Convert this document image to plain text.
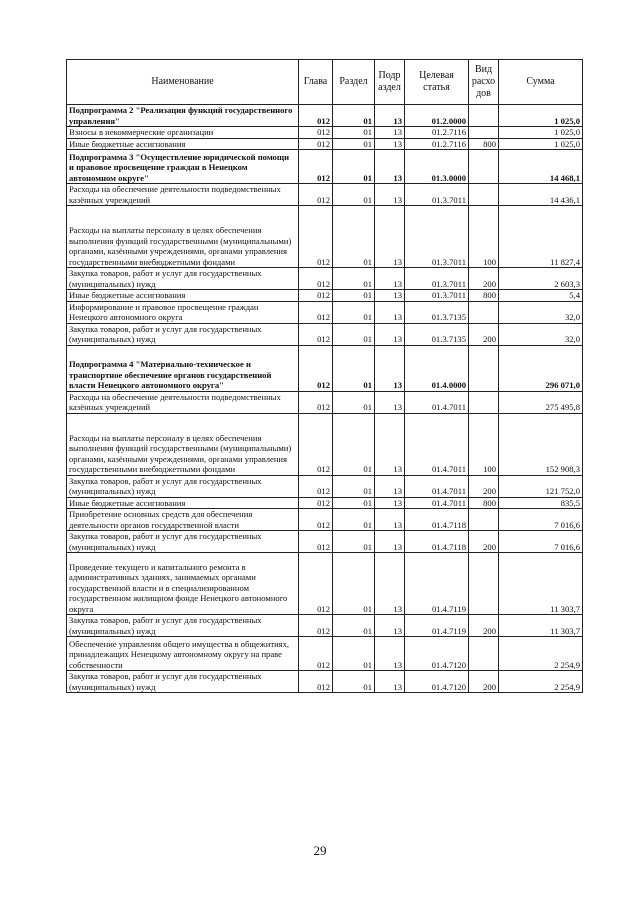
Наименование	Глава	Раздел	Подр аздел	Целевая статья	Вид расхо дов	Сумма
Подпрограмма 2 "Реализация функций государственного управления"	012	01	13	01.2.0000		1 025,0
Взносы в некоммерческие организации	012	01	13	01.2.7116		1 025,0
Иные бюджетные ассигнования	012	01	13	01.2.7116	800	1 025,0
Подпрограмма 3 "Осуществление юридической помощи и правовое просвещение граждан в Ненецком автономном округе"	012	01	13	01.3.0000		14 468,1
Расходы на обеспечение деятельности подведомственных казённых учреждений	012	01	13	01.3.7011		14 436,1
Расходы на выплаты персоналу в целях обеспечения выполнения функций государственными (муниципальными) органами, казёнными учреждениями, органами управления государственными внебюджетными фондами	012	01	13	01.3.7011	100	11 827,4
Закупка товаров, работ и услуг для государственных (муниципальных) нужд	012	01	13	01.3.7011	200	2 603,3
Иные бюджетные ассигнования	012	01	13	01.3.7011	800	5,4
Информирование и правовое просвещение граждан Ненецкого автономного округа	012	01	13	01.3.7135		32,0
Закупка товаров, работ и услуг для государственных (муниципальных) нужд	012	01	13	01.3.7135	200	32,0
Подпрограмма 4 "Материально-техническое и транспортное обеспечение органов государственной власти Ненецкого автономного округа"	012	01	13	01.4.0000		296 071,0
Расходы на обеспечение деятельности подведомственных казённых учреждений	012	01	13	01.4.7011		275 495,8
Расходы на выплаты персоналу в целях обеспечения выполнения функций государственными (муниципальными) органами, казёнными учреждениями, органами управления государственными внебюджетными фондами	012	01	13	01.4.7011	100	152 908,3
Закупка товаров, работ и услуг для государственных (муниципальных) нужд	012	01	13	01.4.7011	200	121 752,0
Иные бюджетные ассигнования	012	01	13	01.4.7011	800	835,5
Приобретение основных средств для обеспечения деятельности органов государственной власти	012	01	13	01.4.7118		7 016,6
Закупка товаров, работ и услуг для государственных (муниципальных) нужд	012	01	13	01.4.7118	200	7 016,6
Проведение текущего и капитального ремонта в административных зданиях, занимаемых органами государственной власти и в специализированном государственном жилищном фонде Ненецкого автономного округа	012	01	13	01.4.7119		11 303,7
Закупка товаров, работ и услуг для государственных (муниципальных) нужд	012	01	13	01.4.7119	200	11 303,7
Обеспечение управления общего имущества в общежитиях, принадлежащих Ненецкому автономному округу на праве собственности	012	01	13	01.4.7120		2 254,9
Закупка товаров, работ и услуг для государственных (муниципальных) нужд	012	01	13	01.4.7120	200	2 254,9
29
